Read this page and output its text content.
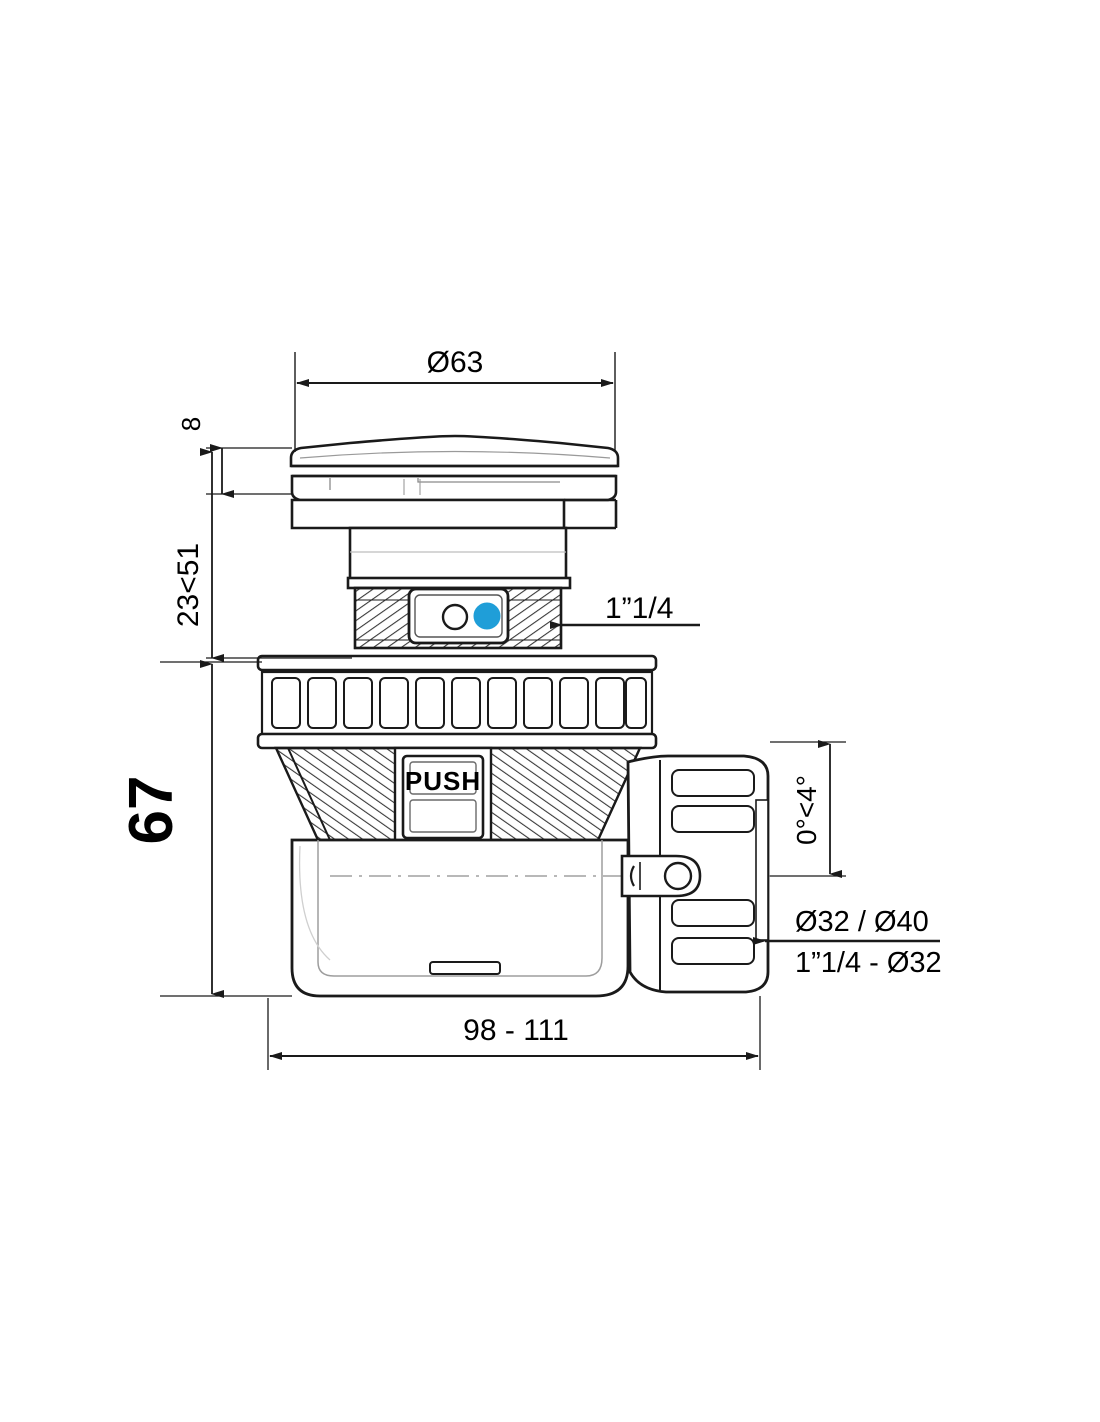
Ø63
8
23<51
67	0°<4°
98 - 111
1”1/4
Ø32 / Ø40
1”1/4 - Ø32
PUSH
